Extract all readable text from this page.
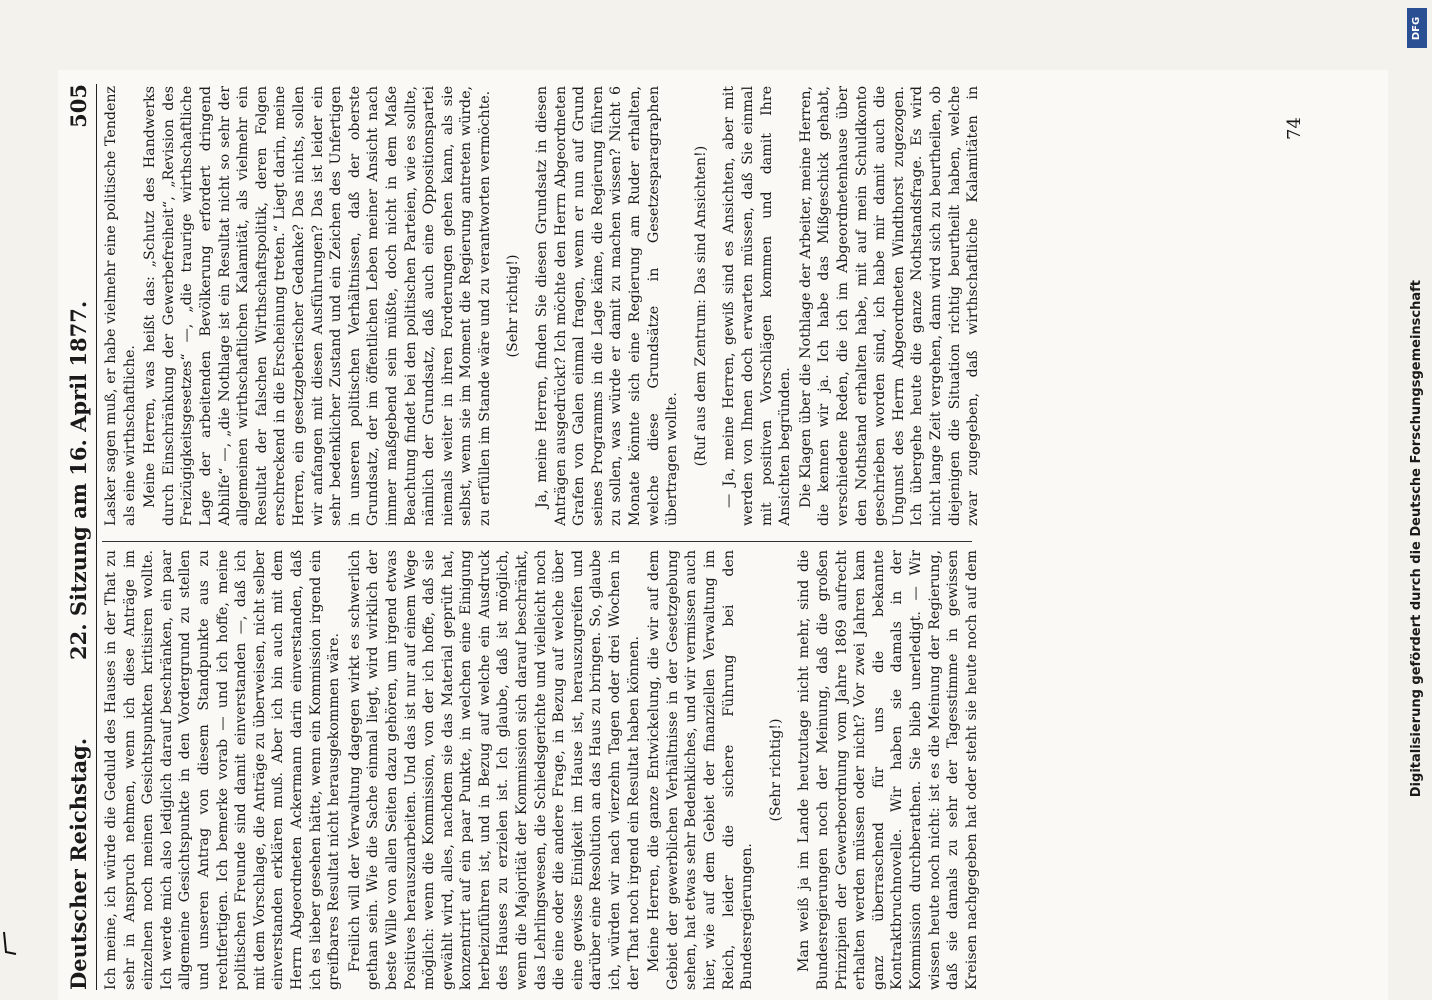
Deutscher Reichstag.
22. Sitzung am 16. April 1877.
505

Ich meine, ich würde die Geduld des Hauses in der That zu sehr in Anspruch nehmen, wenn ich diese Anträge im einzelnen noch meinen Gesichtspunkten kritisiren wollte. Ich werde mich also lediglich darauf beschränken, ein paar allgemeine Gesichtspunkte in den Vordergrund zu stellen und unseren Antrag von diesem Standpunkte aus zu rechtfertigen. Ich bemerke vorab — und ich hoffe, meine politischen Freunde sind damit einverstanden —, daß ich mit dem Vorschlage, die Anträge zu überweisen, nicht selber einverstanden erklären muß. Aber ich bin auch mit dem Herrn Abgeordneten Ackermann darin einverstanden, daß ich es lieber gesehen hätte, wenn ein Kommission irgend ein greifbares Resultat nicht herausgekommen wäre. Freilich will der Verwaltung dagegen wirkt es schwerlich gethan sein. Wie die Sache einmal liegt, wird wirklich der beste Wille von allen Seiten dazu gehören, um irgend etwas Positives herauszuarbeiten. Und das ist nur auf einem Wege möglich: wenn die Kommission, von der ich hoffe, daß sie gewählt wird, alles, nachdem sie das Material geprüft hat, konzentrirt auf ein paar Punkte, in welchen eine Einigung herbeizuführen ist, und in Bezug auf welche ein Ausdruck des Hauses zu erzielen ist. Ich glaube, daß ist möglich, wenn die Majorität der Kommission sich darauf beschränkt, das Lehrlingswesen, die Schiedsgerichte und vielleicht noch die eine oder die andere Frage, in Bezug auf welche über eine gewisse Einigkeit im Hause ist, herauszugreifen und darüber eine Resolution an das Haus zu bringen. So, glaube ich, würden wir nach vierzehn Tagen oder drei Wochen in der That noch irgend ein Resultat haben können. Meine Herren, die ganze Entwickelung, die wir auf dem Gebiet der gewerblichen Verhältnisse in der Gesetzgebung sehen, hat etwas sehr Bedenkliches, und wir vermissen auch hier, wie auf dem Gebiet der finanziellen Verwaltung im Reich, leider die sichere Führung bei den Bundesregierungen.

(Sehr richtig!)

Man weiß ja im Lande heutzutage nicht mehr, sind die Bundesregierungen noch der Meinung, daß die großen Prinzipien der Gewerbeordnung vom Jahre 1869 aufrecht erhalten werden müssen oder nicht? Vor zwei Jahren kam ganz überraschend für uns die bekannte Kontraktbruchnovelle. Wir haben sie damals in der Kommission durchberathen. Sie blieb unerledigt. — Wir wissen heute noch nicht: ist es die Meinung der Regierung, daß sie damals zu sehr der Tagesstimme in gewissen Kreisen nachgegeben hat oder steht sie heute noch auf dem

Lasker sagen muß, er habe vielmehr eine politische Tendenz als eine wirthschaftliche. Meine Herren, was heißt das: „Schutz des Handwerks durch Einschränkung der Gewerbefreiheit“, „Revision des Freizügigkeitsgesetzes“ —, „die traurige wirthschaftliche Lage der arbeitenden Bevölkerung erfordert dringend Abhilfe“ —, „die Nothlage ist ein Resultat nicht so sehr der allgemeinen wirthschaftlichen Kalamität, als vielmehr ein Resultat der falschen Wirthschaftspolitik, deren Folgen erschreckend in die Erscheinung treten.“ Liegt darin, meine Herren, ein gesetzgeberischer Gedanke? Das nichts, sollen wir anfangen mit diesen Ausführungen? Das ist leider ein sehr bedenklicher Zustand und ein Zeichen des Unfertigen in unseren politischen Verhältnissen, daß der oberste Grundsatz, der im öffentlichen Leben meiner Ansicht nach immer maßgebend sein müßte, doch nicht in dem Maße Beachtung findet bei den politischen Parteien, wie es sollte, nämlich der Grundsatz, daß auch eine Oppositionspartei niemals weiter in ihren Forderungen gehen kann, als sie selbst, wenn sie im Moment die Regierung antreten würde, zu erfüllen im Stande wäre und zu verantworten vermöchte. (Sehr richtig!) Ja, meine Herren, finden Sie diesen Grundsatz in diesen Anträgen ausgedrückt? Ich möchte den Herrn Abgeordneten Grafen von Galen einmal fragen, wenn er nun auf Grund seines Programms in die Lage käme, die Regierung führen zu sollen, was würde er damit zu machen wissen? Nicht 6 Monate könnte sich eine Regierung am Ruder erhalten, welche diese Grundsätze in Gesetzesparagraphen übertragen wollte. (Ruf aus dem Zentrum: Das sind Ansichten!) — Ja, meine Herren, gewiß sind es Ansichten, aber mit werden von Ihnen doch erwarten müssen, daß Sie einmal mit positiven Vorschlägen kommen und damit Ihre Ansichten begründen. Die Klagen über die Nothlage der Arbeiter, meine Herren, die kennen wir ja. Ich habe das Mißgeschick gehabt, verschiedene Reden, die ich im Abgeordnetenhause über den Nothstand erhalten habe, mit auf mein Schuldkonto geschrieben worden sind, ich habe mir damit auch die Ungunst des Herrn Abgeordneten Windthorst zugezogen. Ich übergehe heute die ganze Nothstandsfrage. Es wird nicht lange Zeit vergehen, dann wird sich zu beurtheilen, ob diejenigen die Situation richtig beurtheilt haben, welche zwar zugegeben, daß wirthschaftliche Kalamitäten in

74
DFG
Digitalisierung gefördert durch die Deutsche Forschungsgemeinschaft
